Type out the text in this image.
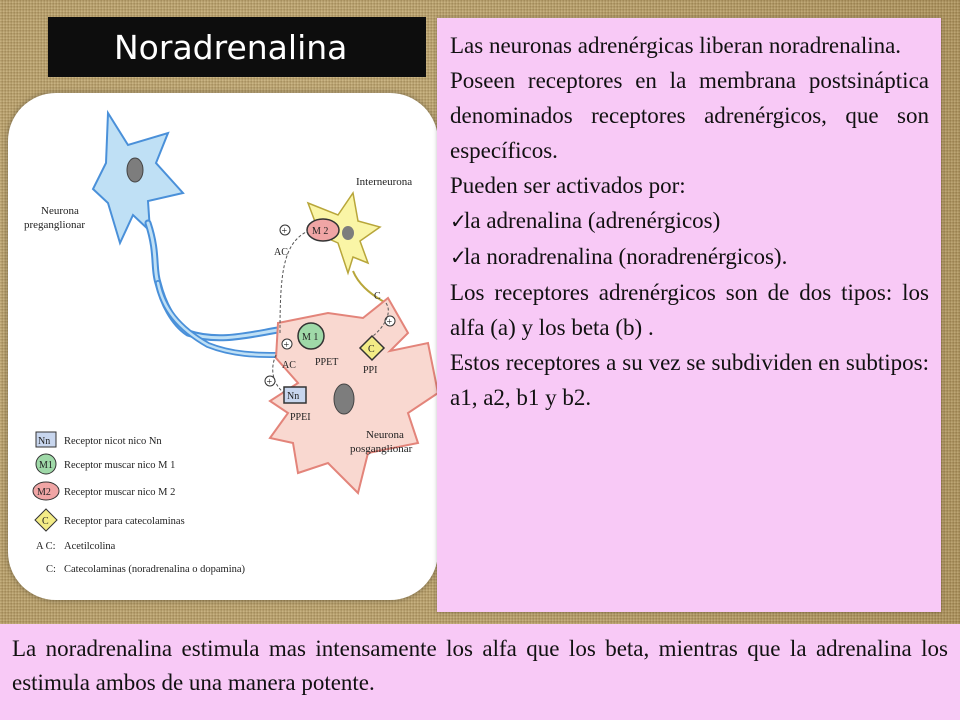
Noradrenalina
Neurona
preganglionar
Interneurona
M 2
+
AC
Neurona
posganglionar
M 1
PPET
+
AC
C
PPI
C
+
Nn
PPEI
+
Nn Receptor nicot nico Nn
M1 Receptor muscar nico M 1
M2 Receptor muscar nico M 2
C Receptor para catecolaminas
A C: Acetilcolina
C: Catecolaminas (noradrenalina o dopamina)

Las neuronas adrenérgicas liberan noradrenalina.

Poseen receptores en la membrana postsináptica denominados receptores adrenérgicos, que son específicos.

Pueden ser activados por:

✓
la adrenalina (adrenérgicos)
✓
la noradrenalina (noradrenérgicos).

Los receptores adrenérgicos son de dos tipos: los alfa (a) y los beta (b) .

Estos receptores a su vez se subdividen en subtipos: a1, a2, b1 y b2.

La noradrenalina estimula mas intensamente los alfa que los beta, mientras que la adrenalina los estimula ambos de una manera potente.
